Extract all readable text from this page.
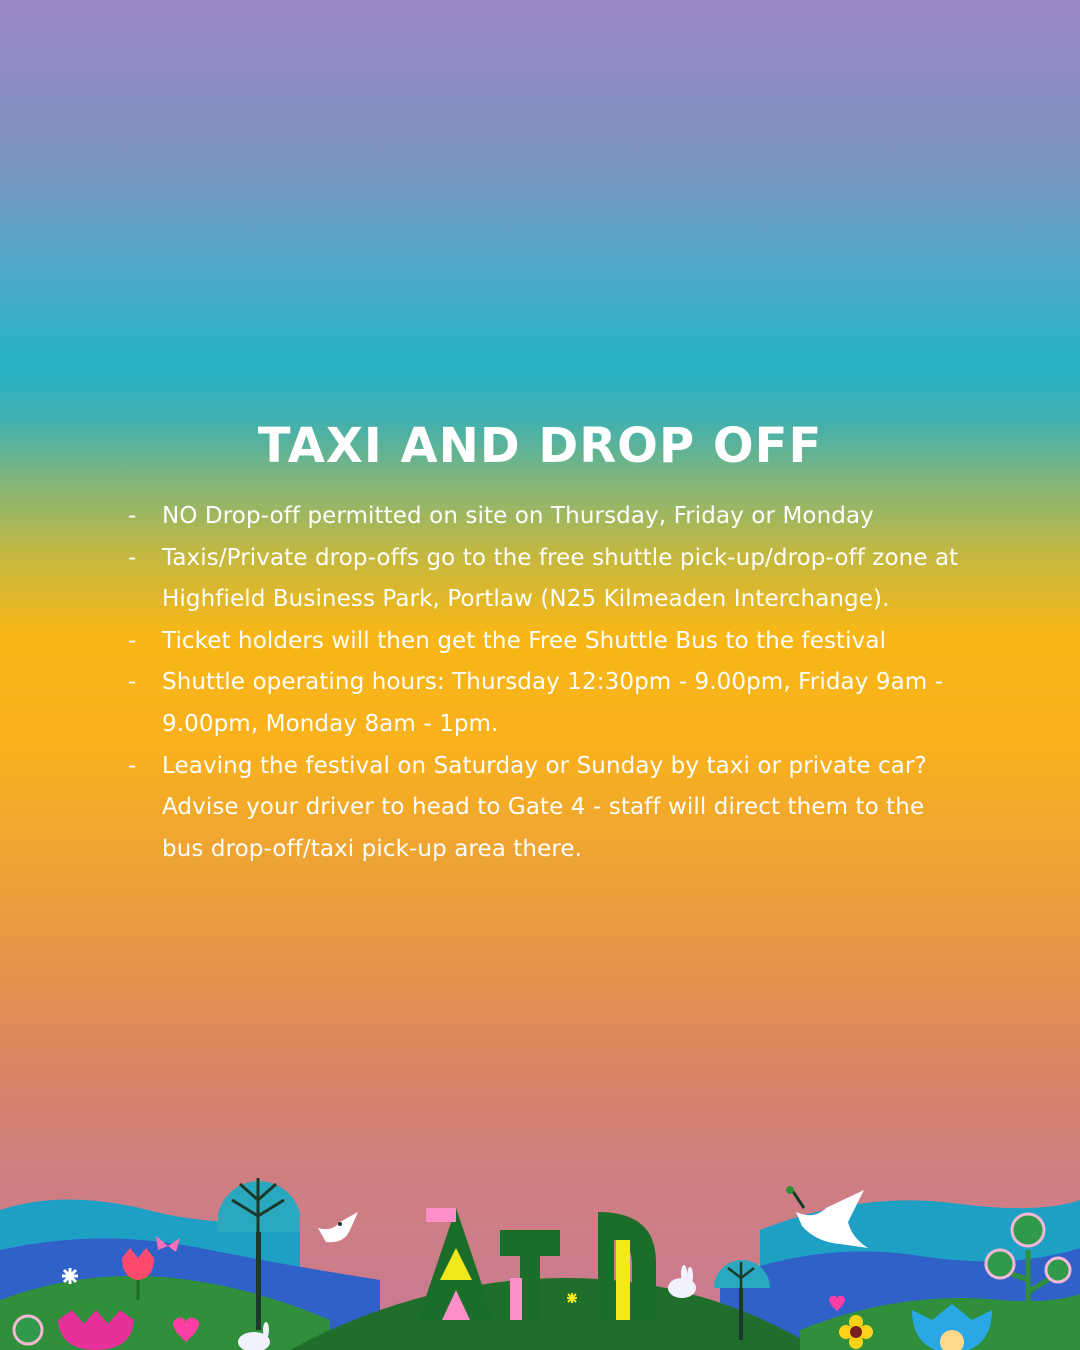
TAXI AND DROP OFF
- NO Drop-off permitted on site on Thursday, Friday or Monday
- Taxis/Private drop-offs go to the free shuttle pick-up/drop-off zone at Highfield Business Park, Portlaw (N25 Kilmeaden Interchange).
- Ticket holders will then get the Free Shuttle Bus to the festival
- Shuttle operating hours: Thursday 12:30pm - 9.00pm, Friday 9am - 9.00pm, Monday 8am - 1pm.
- Leaving the festival on Saturday or Sunday by taxi or private car? Advise your driver to head to Gate 4 - staff will direct them to the bus drop-off/taxi pick-up area there.
